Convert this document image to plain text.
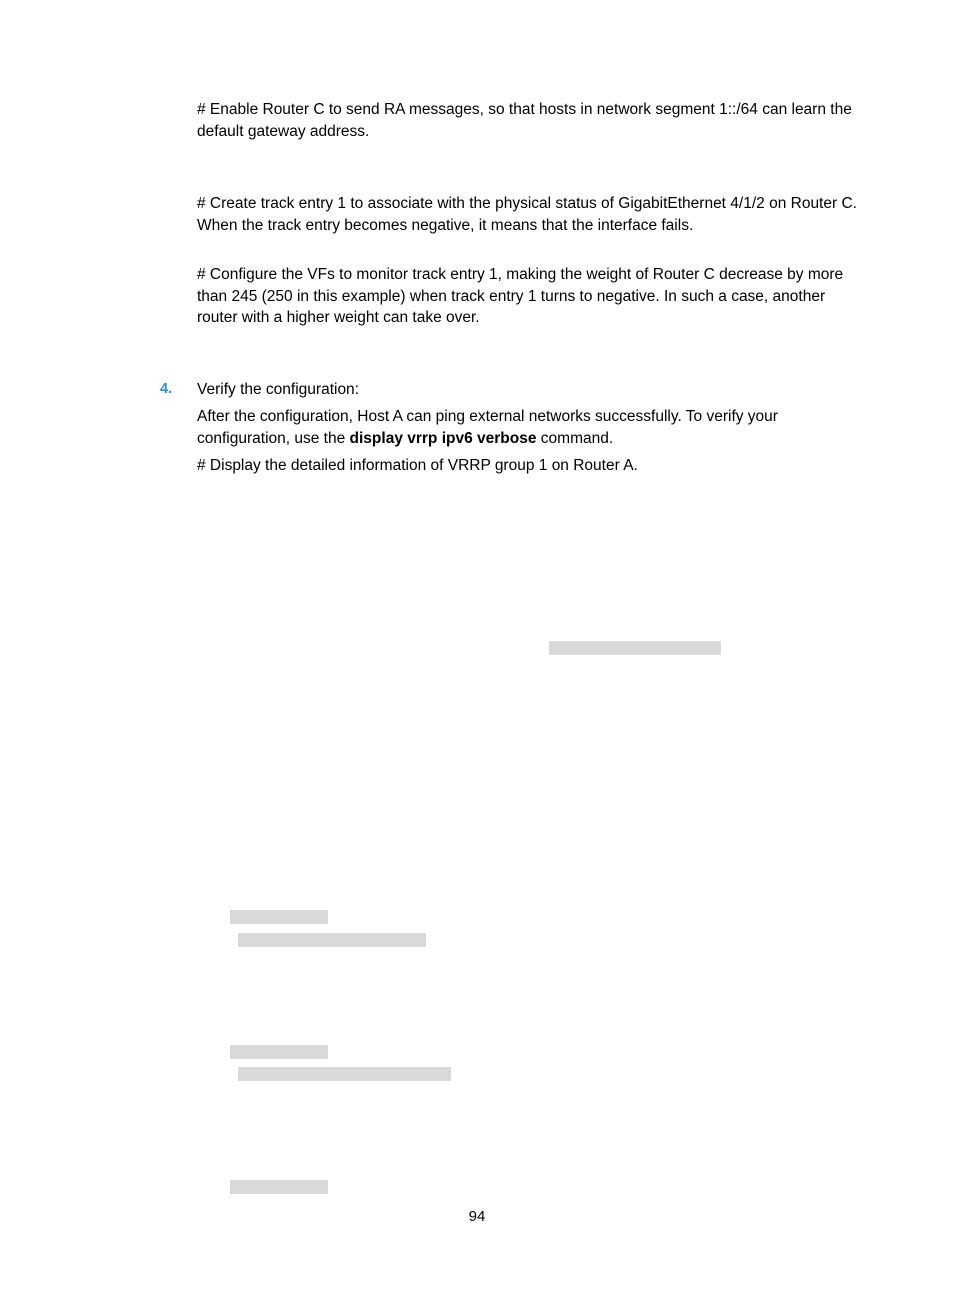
# Enable Router C to send RA messages, so that hosts in network segment 1::/64 can learn the default gateway address.

# Create track entry 1 to associate with the physical status of GigabitEthernet 4/1/2 on Router C. When the track entry becomes negative, it means that the interface fails.

# Configure the VFs to monitor track entry 1, making the weight of Router C decrease by more than 245 (250 in this example) when track entry 1 turns to negative. In such a case, another router with a higher weight can take over.

4. Verify the configuration:

After the configuration, Host A can ping external networks successfully. To verify your configuration, use the display vrrp ipv6 verbose command.

# Display the detailed information of VRRP group 1 on Router A.

94
